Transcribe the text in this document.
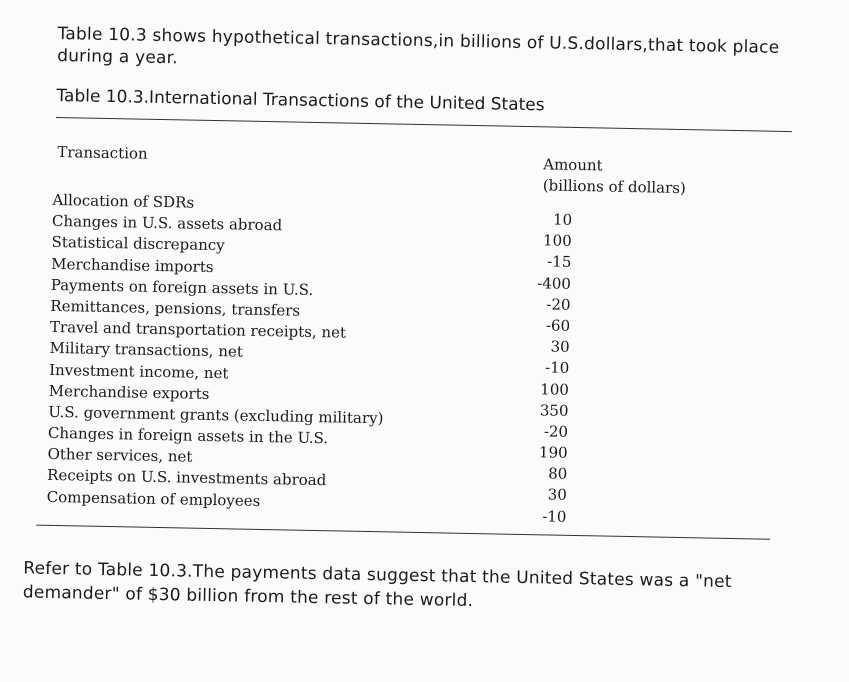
Table 10.3 shows hypothetical transactions,in billions of U.S.dollars,that took place during a year.
Table 10.3.International Transactions of the United States
Transaction
Amount
(billions of dollars)
Allocation of SDRs
10
Changes in U.S. assets abroad
100
Statistical discrepancy
-15
Merchandise imports
-400
Payments on foreign assets in U.S.
-20
Remittances, pensions, transfers
-60
Travel and transportation receipts, net
30
Military transactions, net
-10
Investment income, net
100
Merchandise exports
350
U.S. government grants (excluding military)
-20
Changes in foreign assets in the U.S.
190
Other services, net
80
Receipts on U.S. investments abroad
30
Compensation of employees
-10
Refer to Table 10.3.The payments data suggest that the United States was a "net demander" of $30 billion from the rest of the world.
